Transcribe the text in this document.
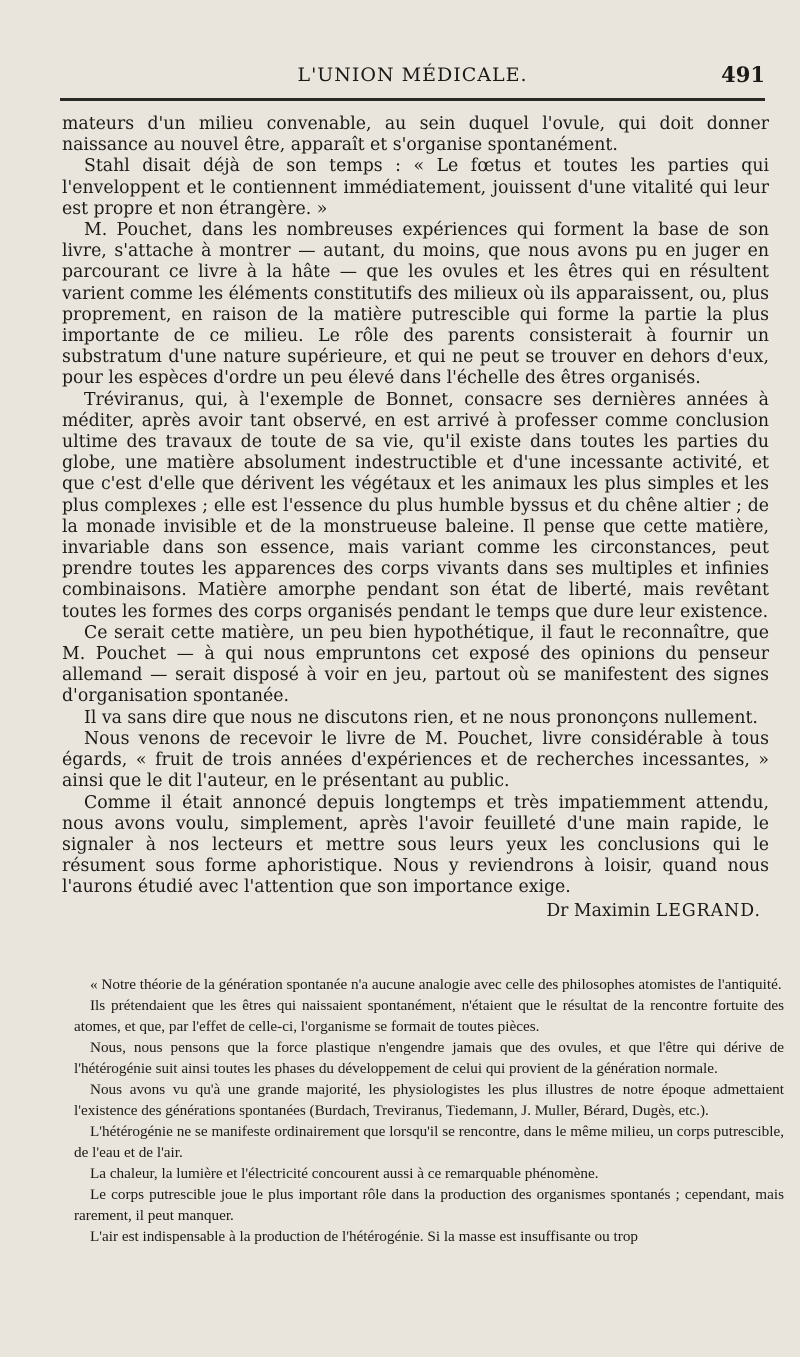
L'UNION MÉDICALE.	491

mateurs d'un milieu convenable, au sein duquel l'ovule, qui doit donner naissance au nouvel être, apparaît et s'organise spontanément.

Stahl disait déjà de son temps : « Le fœtus et toutes les parties qui l'enveloppent et le contiennent immédiatement, jouissent d'une vitalité qui leur est propre et non étrangère. »

M. Pouchet, dans les nombreuses expériences qui forment la base de son livre, s'attache à montrer — autant, du moins, que nous avons pu en juger en parcourant ce livre à la hâte — que les ovules et les êtres qui en résultent varient comme les éléments constitutifs des milieux où ils apparaissent, ou, plus proprement, en raison de la matière putrescible qui forme la partie la plus importante de ce milieu. Le rôle des parents consisterait à fournir un substratum d'une nature supérieure, et qui ne peut se trouver en dehors d'eux, pour les espèces d'ordre un peu élevé dans l'échelle des êtres organisés.

Tréviranus, qui, à l'exemple de Bonnet, consacre ses dernières années à méditer, après avoir tant observé, en est arrivé à professer comme conclusion ultime des travaux de toute de sa vie, qu'il existe dans toutes les parties du globe, une matière absolument indestructible et d'une incessante activité, et que c'est d'elle que dérivent les végétaux et les animaux les plus simples et les plus complexes ; elle est l'essence du plus humble byssus et du chêne altier ; de la monade invisible et de la monstrueuse baleine. Il pense que cette matière, invariable dans son essence, mais variant comme les circonstances, peut prendre toutes les apparences des corps vivants dans ses multiples et infinies combinaisons. Matière amorphe pendant son état de liberté, mais revêtant toutes les formes des corps organisés pendant le temps que dure leur existence.

Ce serait cette matière, un peu bien hypothétique, il faut le reconnaître, que M. Pouchet — à qui nous empruntons cet exposé des opinions du penseur allemand — serait disposé à voir en jeu, partout où se manifestent des signes d'organisation spontanée.

Il va sans dire que nous ne discutons rien, et ne nous prononçons nullement.

Nous venons de recevoir le livre de M. Pouchet, livre considérable à tous égards, « fruit de trois années d'expériences et de recherches incessantes, » ainsi que le dit l'auteur, en le présentant au public.

Comme il était annoncé depuis longtemps et très impatiemment attendu, nous avons voulu, simplement, après l'avoir feuilleté d'une main rapide, le signaler à nos lecteurs et mettre sous leurs yeux les conclusions qui le résument sous forme aphoristique. Nous y reviendrons à loisir, quand nous l'aurons étudié avec l'attention que son importance exige.

Dr Maximin LEGRAND.

« Notre théorie de la génération spontanée n'a aucune analogie avec celle des philosophes atomistes de l'antiquité.

Ils prétendaient que les êtres qui naissaient spontanément, n'étaient que le résultat de la rencontre fortuite des atomes, et que, par l'effet de celle-ci, l'organisme se formait de toutes pièces.

Nous, nous pensons que la force plastique n'engendre jamais que des ovules, et que l'être qui dérive de l'hétérogénie suit ainsi toutes les phases du développement de celui qui provient de la génération normale.

Nous avons vu qu'à une grande majorité, les physiologistes les plus illustres de notre époque admettaient l'existence des générations spontanées (Burdach, Treviranus, Tiedemann, J. Muller, Bérard, Dugès, etc.).

L'hétérogénie ne se manifeste ordinairement que lorsqu'il se rencontre, dans le même milieu, un corps putrescible, de l'eau et de l'air.

La chaleur, la lumière et l'électricité concourent aussi à ce remarquable phénomène.

Le corps putrescible joue le plus important rôle dans la production des organismes spontanés ; cependant, mais rarement, il peut manquer.

L'air est indispensable à la production de l'hétérogénie. Si la masse est insuffisante ou trop
